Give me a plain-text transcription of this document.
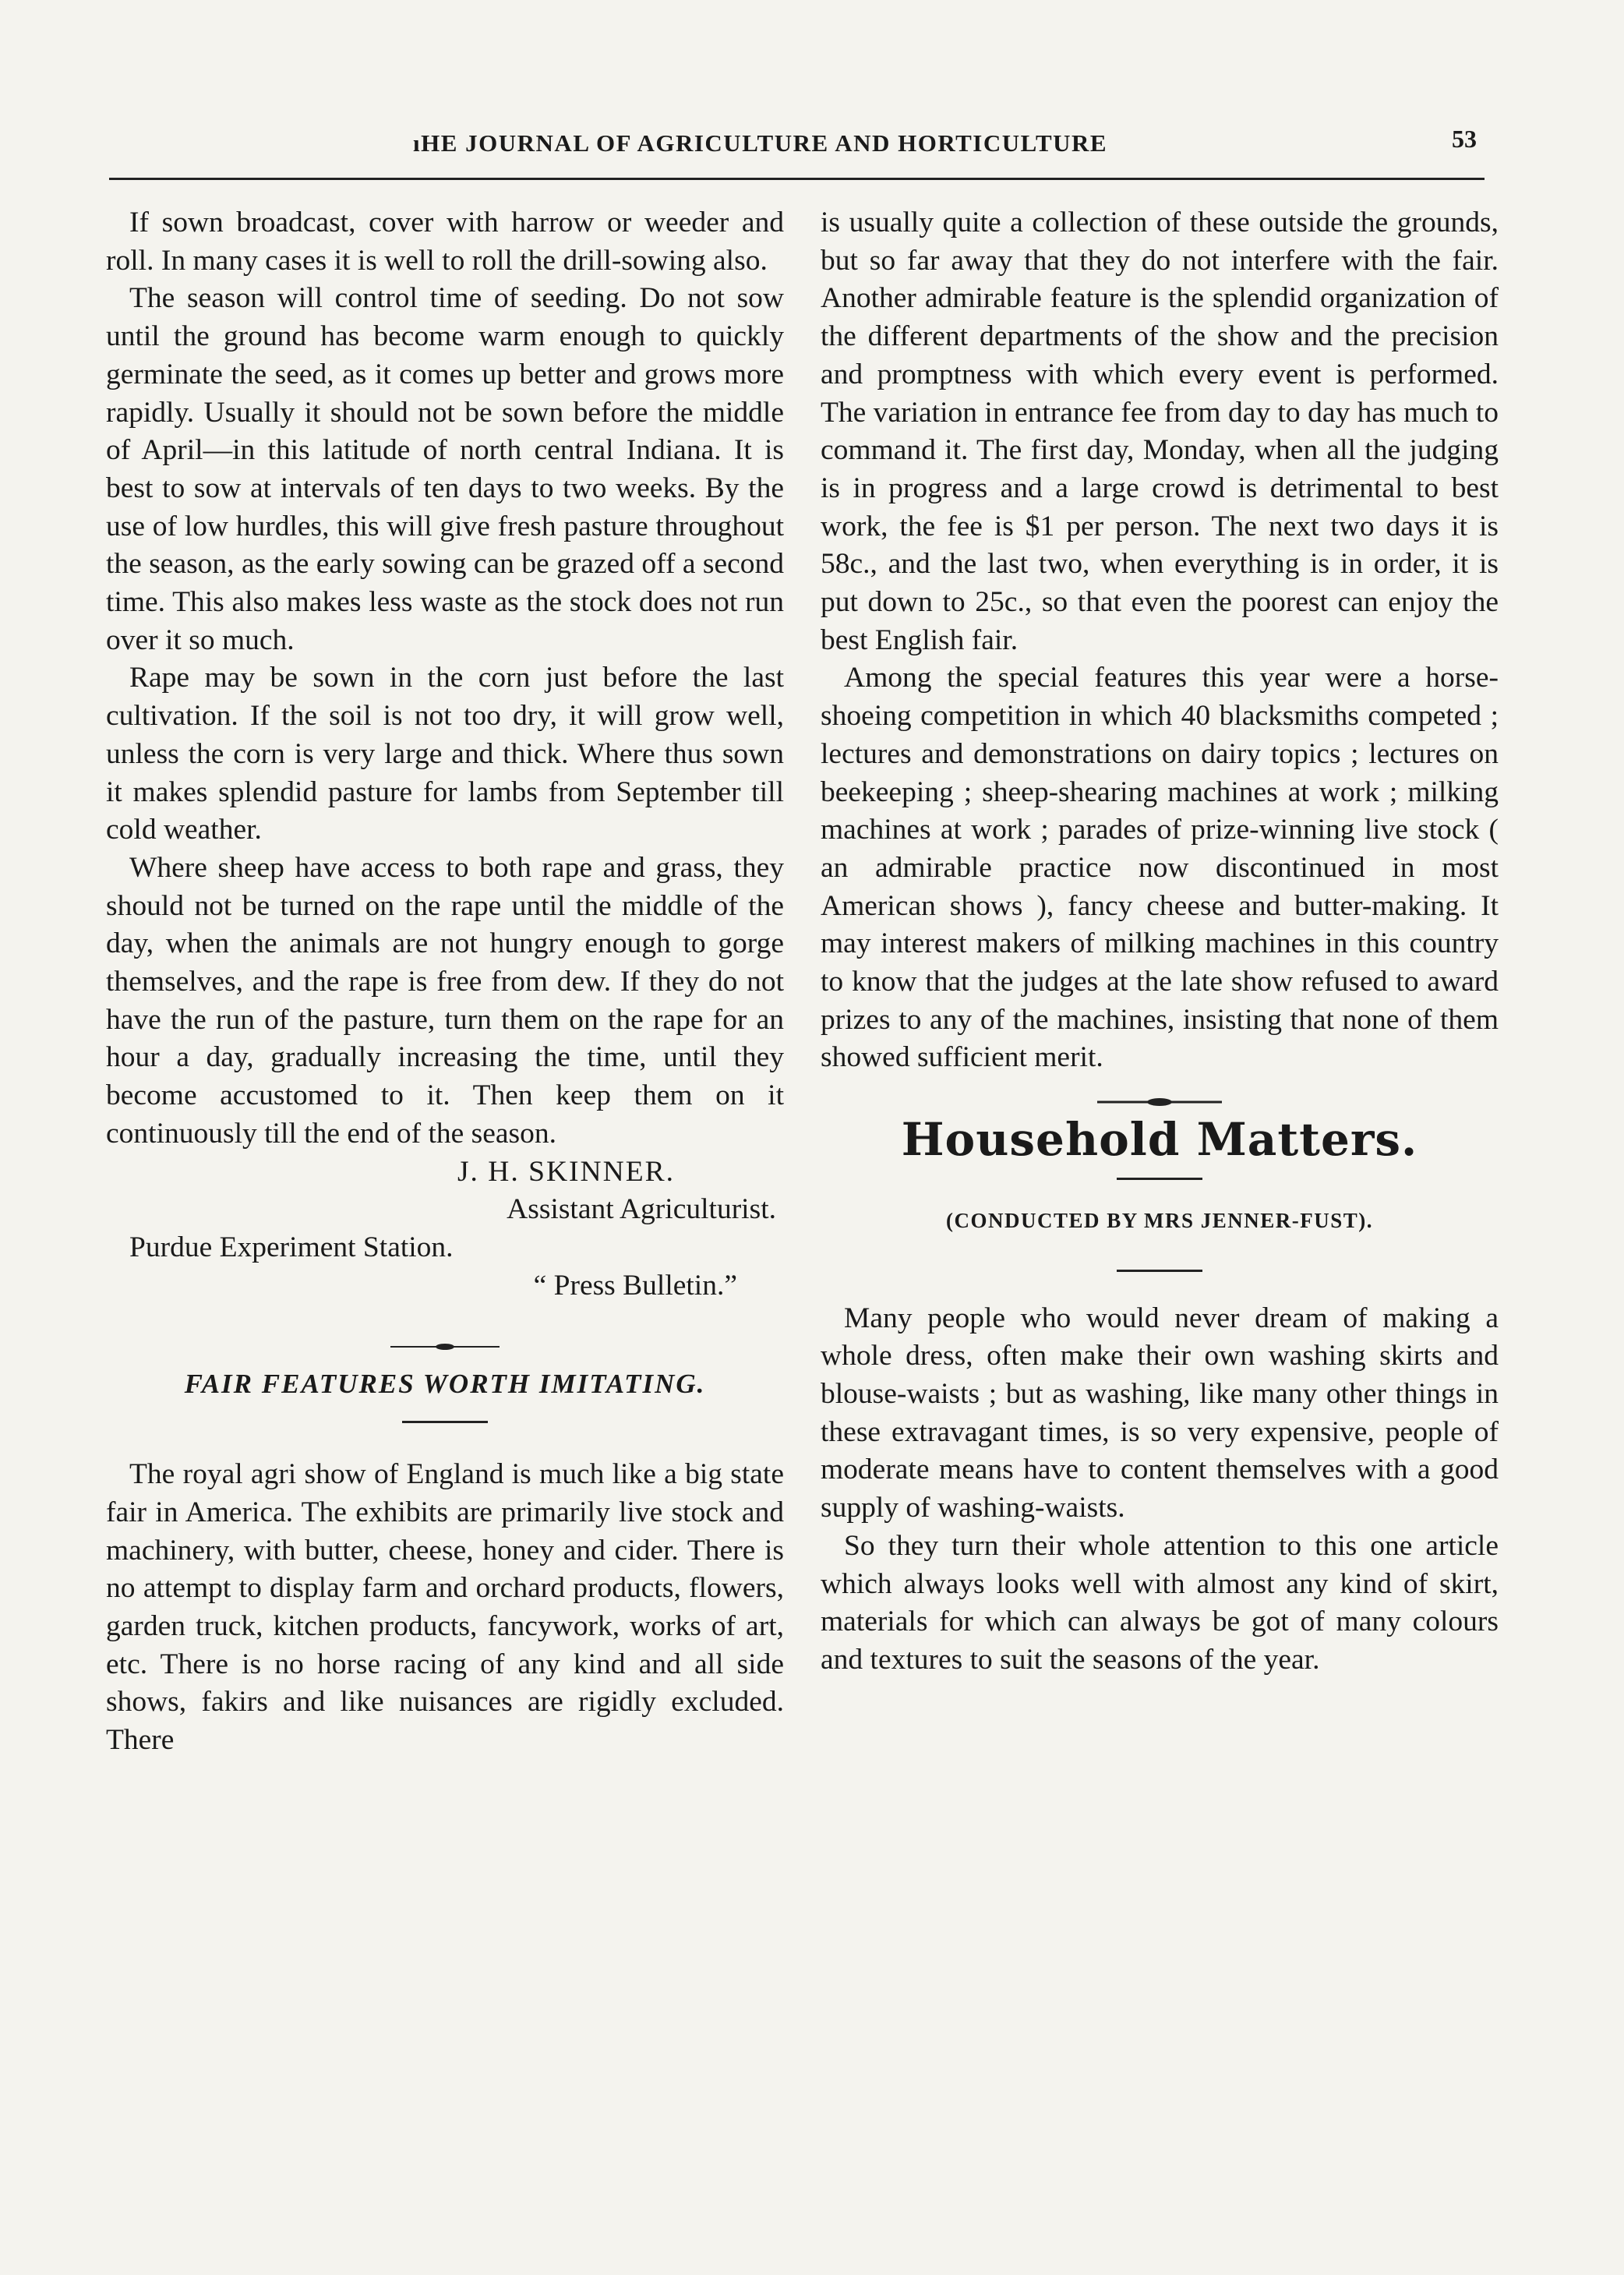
ıHE JOURNAL OF AGRICULTURE AND HORTICULTURE	53

If sown broadcast, cover with harrow or weeder and roll. In many cases it is well to roll the drill-sowing also.

The season will control time of seeding. Do not sow until the ground has become warm enough to quickly germinate the seed, as it comes up better and grows more rapidly. Usually it should not be sown before the middle of April—in this latitude of north central Indiana. It is best to sow at intervals of ten days to two weeks. By the use of low hurdles, this will give fresh pasture throughout the season, as the early sowing can be grazed off a second time. This also makes less waste as the stock does not run over it so much.

Rape may be sown in the corn just before the last cultivation. If the soil is not too dry, it will grow well, unless the corn is very large and thick. Where thus sown it makes splendid pasture for lambs from September till cold weather.

Where sheep have access to both rape and grass, they should not be turned on the rape until the middle of the day, when the animals are not hungry enough to gorge themselves, and the rape is free from dew. If they do not have the run of the pasture, turn them on the rape for an hour a day, gradually increasing the time, until they become accustomed to it. Then keep them on it continuously till the end of the season.

J. H. SKINNER.
Assistant Agriculturist.
Purdue Experiment Station.
“ Press Bulletin.”
FAIR FEATURES WORTH IMITATING.

The royal agri show of England is much like a big state fair in America. The exhibits are primarily live stock and machinery, with butter, cheese, honey and cider. There is no attempt to display farm and orchard products, flowers, garden truck, kitchen products, fancywork, works of art, etc. There is no horse racing of any kind and all side shows, fakirs and like nuisances are rigidly excluded. There

is usually quite a collection of these outside the grounds, but so far away that they do not interfere with the fair. Another admirable feature is the splendid organization of the different departments of the show and the precision and promptness with which every event is performed. The variation in entrance fee from day to day has much to command it. The first day, Monday, when all the judging is in progress and a large crowd is detrimental to best work, the fee is $1 per person. The next two days it is 58c., and the last two, when everything is in order, it is put down to 25c., so that even the poorest can enjoy the best English fair.

Among the special features this year were a horse-shoeing competition in which 40 blacksmiths competed ; lectures and demonstrations on dairy topics ; lectures on beekeeping ; sheep-shearing machines at work ; milking machines at work ; parades of prize-winning live stock ( an admirable practice now discontinued in most American shows ), fancy cheese and butter-making. It may interest makers of milking machines in this country to know that the judges at the late show refused to award prizes to any of the machines, insisting that none of them showed sufficient merit.

Household Matters.
(CONDUCTED BY MRS JENNER-FUST).

Many people who would never dream of making a whole dress, often make their own washing skirts and blouse-waists ; but as washing, like many other things in these extravagant times, is so very expensive, people of moderate means have to content themselves with a good supply of washing-waists.

So they turn their whole attention to this one article which always looks well with almost any kind of skirt, materials for which can always be got of many colours and textures to suit the seasons of the year.
